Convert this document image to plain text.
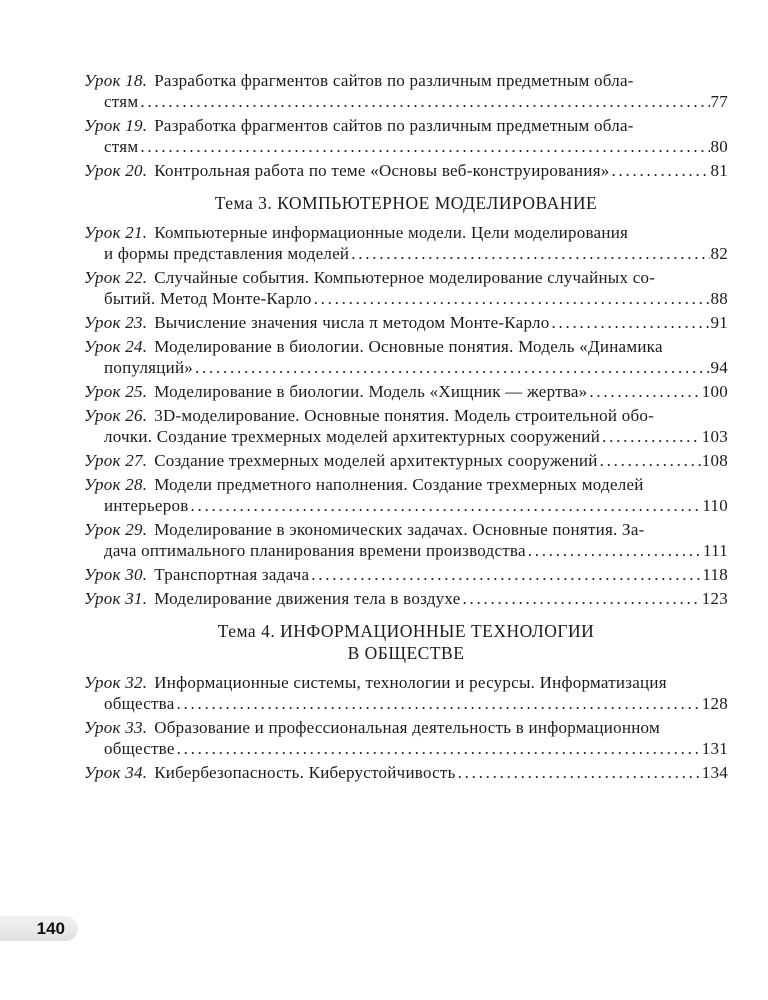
Урок 18. Разработка фрагментов сайтов по различным предметным обла-
стям .....	77
Урок 19. Разработка фрагментов сайтов по различным предметным обла-
стям .....	80
Урок 20. Контрольная работа по теме «Основы веб-конструирования» .....	81
Тема 3. КОМПЬЮТЕРНОЕ МОДЕЛИРОВАНИЕ
Урок 21. Компьютерные информационные модели. Цели моделирования
и формы представления моделей .....	82
Урок 22. Случайные события. Компьютерное моделирование случайных со-
бытий. Метод Монте-Карло .....	88
Урок 23. Вычисление значения числа π методом Монте-Карло .....	91
Урок 24. Моделирование в биологии. Основные понятия. Модель «Динамика
популяций» .....	94
Урок 25. Моделирование в биологии. Модель «Хищник — жертва» .....	100
Урок 26. 3D-моделирование. Основные понятия. Модель строительной обо-
лочки. Создание трехмерных моделей архитектурных сооружений .....	103
Урок 27. Создание трехмерных моделей архитектурных сооружений .....	108
Урок 28. Модели предметного наполнения. Создание трехмерных моделей
интерьеров .....	110
Урок 29. Моделирование в экономических задачах. Основные понятия. За-
дача оптимального планирования времени производства .....	111
Урок 30. Транспортная задача .....	118
Урок 31. Моделирование движения тела в воздухе .....	123
Тема 4. ИНФОРМАЦИОННЫЕ ТЕХНОЛОГИИ
В ОБЩЕСТВЕ
Урок 32. Информационные системы, технологии и ресурсы. Информатизация
общества .....	128
Урок 33. Образование и профессиональная деятельность в информационном
обществе .....	131
Урок 34. Кибербезопасность. Киберустойчивость .....	134
140
